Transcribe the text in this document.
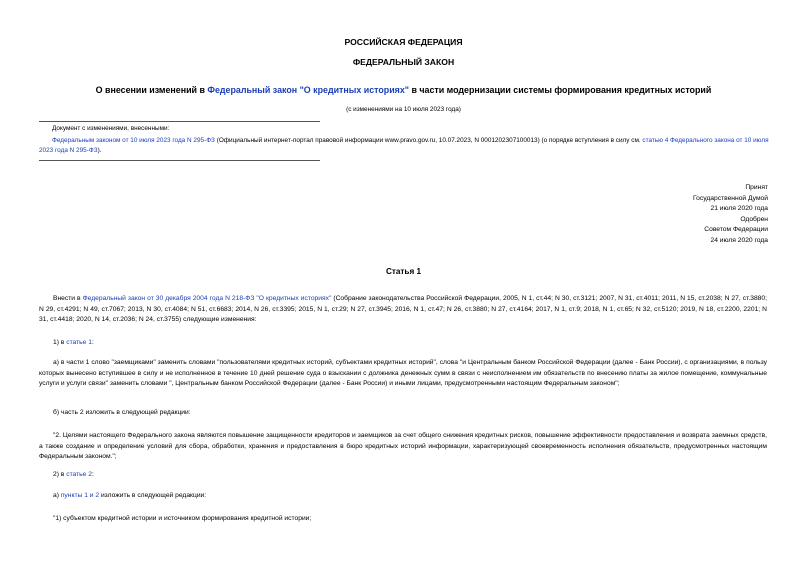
РОССИЙСКАЯ ФЕДЕРАЦИЯ
ФЕДЕРАЛЬНЫЙ ЗАКОН
О внесении изменений в Федеральный закон "О кредитных историях" в части модернизации системы формирования кредитных историй
(с изменениями на 10 июля 2023 года)
Документ с изменениями, внесенными:
Федеральным законом от 10 июля 2023 года N 295-ФЗ (Официальный интернет-портал правовой информации www.pravo.gov.ru, 10.07.2023, N 0001202307100013) (о порядке вступления в силу см. статью 4 Федерального закона от 10 июля 2023 года N 295-ФЗ).
Принят
Государственной Думой
21 июля 2020 года
Одобрен
Советом Федерации
24 июля 2020 года
Статья 1
Внести в Федеральный закон от 30 декабря 2004 года N 218-ФЗ "О кредитных историях" (Собрание законодательства Российской Федерации, 2005, N 1, ст.44; N 30, ст.3121; 2007, N 31, ст.4011; 2011, N 15, ст.2038; N 27, ст.3880; N 29, ст.4291; N 49, ст.7067; 2013, N 30, ст.4084; N 51, ст.6683; 2014, N 26, ст.3395; 2015, N 1, ст.29; N 27, ст.3945; 2016, N 1, ст.47; N 26, ст.3880; N 27, ст.4164; 2017, N 1, ст.9; 2018, N 1, ст.65; N 32, ст.5120; 2019, N 18, ст.2200, 2201; N 31, ст.4418; 2020, N 14, ст.2036; N 24, ст.3755) следующие изменения:
1) в статье 1:
а) в части 1 слово "заемщиками" заменить словами "пользователями кредитных историй, субъектами кредитных историй", слова "и Центральным банком Российской Федерации (далее - Банк России), с организациями, в пользу которых вынесено вступившее в силу и не исполненное в течение 10 дней решение суда о взыскании с должника денежных сумм в связи с неисполнением им обязательств по внесению платы за жилое помещение, коммунальные услуги и услуги связи" заменить словами ", Центральным банком Российской Федерации (далее - Банк России) и иными лицами, предусмотренными настоящим Федеральным законом";
б) часть 2 изложить в следующей редакции:
"2. Целями настоящего Федерального закона являются повышение защищенности кредиторов и заемщиков за счет общего снижения кредитных рисков, повышение эффективности предоставления и возврата заемных средств, а также создание и определение условий для сбора, обработки, хранения и предоставления в бюро кредитных историй информации, характеризующей своевременность исполнения обязательств, предусмотренных настоящим Федеральным законом.";
2) в статье 2:
а) пункты 1 и 2 изложить в следующей редакции:
"1) субъектом кредитной истории и источником формирования кредитной истории;
